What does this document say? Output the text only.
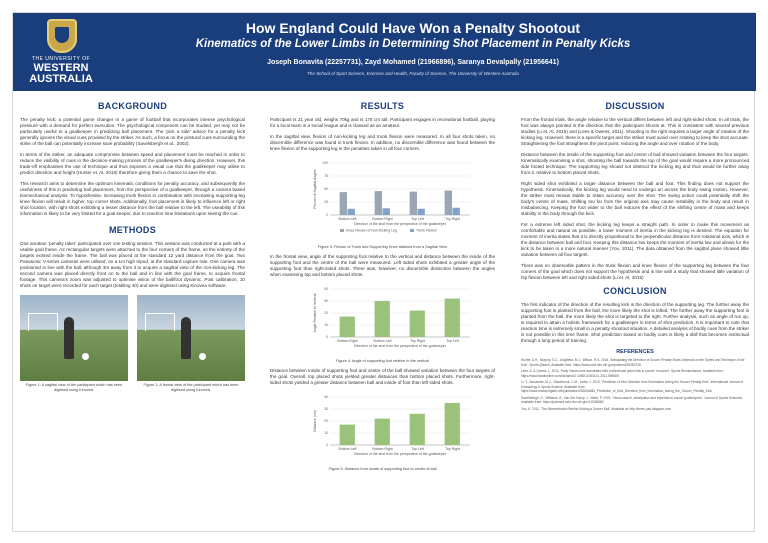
THE UNIVERSITY OF
WESTERN
AUSTRALIA
How England Could Have Won a Penalty Shootout
Kinematics of the Lower Limbs in Determining Shot Placement in Penalty Kicks
Joseph Bonavita (22257731), Zayd Mohamed (21966896), Saranya Devalpally (21956641)
The School of Sport Science, Exercise and Health, Faculty of Science, The University of Western Australia
BACKGROUND

The penalty kick; a potential game changer in a game of football that incorporates intense psychological pressure with a demand for perfect execution. The psychological component can be studied, yet may not be particularly useful to a goalkeeper in predicting ball placement. The 'pick a side' advice for a penalty kick generally ignores the visual cues provided by the striker. As such, a focus on the postural cues surrounding the strike of the ball can potentially increase save probability (Savelsbergh et al., 2002).

In terms of the striker, an adequate compromise between speed and placement must be reached in order to reduce the visibility of cues in the decision-making process of the goalkeeper's diving direction. However, this trade-off emphasises the use of technique and thus exposes a visual cue that the goalkeeper may utilise to predict direction and height (Hunter et. Al, 2018) therefore giving them a chance to save the shot.

This research aims to determine the optimum kinematic conditions for penalty accuracy, and subsequently the usefulness of this in predicting ball placement, from the perspective of a goalkeeper, through a camera based biomechanical analysis. To hypothesise, increasing trunk flexion in combination with increasing supporting-leg knee flexion will result in higher, top corner shots. Additionally, foot placement is likely to influence left or right shot location, with right shots exhibiting a lesser distance from the ball relative to the left. The useability of this information is likely to be very limited for a goal keeper, due to reaction time limitations upon seeing the cue.

METHODS

One amateur 'penalty taker' participated over one testing session. This session was conducted at a park with a usable goal frame. A2 rectangular targets were attached to the four corners of the frame, so the entirety of the targets existed inside the frame. The ball was placed at the standard 12 yard distance from the goal. Two Panasonic V-series cameras were utilised, on a 1m high tripod, at the standard capture rate. One camera was positioned in line with the ball, although 3m away from it to acquire a sagittal view of the non-kicking leg. The second camera was placed directly front on to the ball and in line with the goal frame, to acquire frontal footage. This camera's zoom was adjusted to optimise vision of the ball/foot dynamic. Post calibration, 10 shots on target were recorded for each target (totalling 40) and were digitised using Kinovea software.

Figure 1: A sagittal view of the participant which has been digitised using Kinovea.
Figure 2: A frontal view of the participant which has been digitised using Kinovea.
RESULTS

Participant is 21 year old, weighs 70kg and is 178 cm tall. Participant engages in recreational football, playing for a local team in a social league and is classed as an amateur.

In the sagittal view, flexion of non-kicking leg and trunk flexion were measured. In all four shots taken, no discernible difference was found in trunk flexion. In addition, no discernible difference was found between the knee flexion of the supporting leg in the penalties taken in all four corners.

0
25
50
75
100
Flexion of Sagittal Angles
Bottom Left	Bottom Right	Top Left	Top Right
Direction of the shot from the perspective of the goalkeeper
Knee Flexion of Non-Kicking Leg	Trunk Flexion
Figure 3: Flexion of Trunk and Supporting Knee attained from a Sagittal View

In the frontal view, angle of the supporting foot relative to the vertical and distance between the inside of the supporting foot and the centre of the ball were measured. Left sided shots exhibited a greater angle of the supporting foot than right-sided shots. There was, however, no discernible distinction between the angles when examining top and bottom placed shots.

0
10
20
30
40
Angle Relative to Vertical
Bottom Right	Bottom Left	Top Right	Top Left
Direction of the shot from the perspective of the goalkeeper
Figure 4: Angle of supporting foot relative to the vertical

Distance between inside of supporting foot and centre of the ball showed variation between the four targets of the goal. Overall, top placed shots yielded greater distances than bottom placed shots. Furthermore, right-sided shots yielded a greater distance between ball and inside of foot than left sided shots.

0
10
20
30
40
Distance (cm)
Bottom Left	Bottom Right	Top Left	Top Right
Direction of the shot from the perspective of the goalkeeper
Figure 5: Distance from inside of supporting foot to center of ball
DISCUSSION

From the frontal trials, the angle relative to the vertical differs between left and right-sided shots. In all trials, the foot was always pointed in the direction that the participant shoots at. This is consistent with several previous studies (Li et. Al, 2015) and (Lees & Owens, 2011). Shooting to the right requires a larger angle of rotation of the kicking leg. However, there is a specific target and the striker must avoid over rotating to keep the shot accurate. Straightening the foot straightens the pivot point, reducing the angle and over rotation of the body.

Distance between the inside of the supporting foot and centre of ball showed variation between the four targets. Kinematically examining a shot, shooting the ball towards the top of the goal would require a more pronounced side footed technique. The supporting leg should not obstruct the kicking leg and thus would be further away from it, relative to bottom placed shots.

Right sided shot exhibited a larger distance between the ball and foot. This finding does not support the hypothesis. Kinematically, the kicking leg would need to undergo an across the body swing motion. However, the striker must remain stable to retain accuracy over the shot. The swing action could potentially shift the body's centre of mass. Shifting too far from the original axis may cause instability in the body and result in misbalancing. Keeping the foot wider to the ball reduces the effect of the shifting centre of mass and keeps stability in the body through the kick.

For a extreme left sided shot, the kicking leg keeps a straight path. In order to make this movement as comfortable and natural as possible, a lower moment of inertia in the kicking leg is desired. The equation for moment of inertia states that it is directly proportional to the perpendicular distance from rotational axis, which is the distance between ball and foot. Keeping this distance low keeps the moment of inertia low and allows for the kick to be taken in a more natural manner (You, 2011). The data obtained from the sagittal plane showed little variation between all four targets.

There was no observable pattern in the trunk flexion and knee flexion of the supporting leg between the four corners of the goal which does not support the hypothesis and is line with a study that showed little variation of hip flexion between left and right sided shots (Li et. Al, 2015)

CONCLUSION

The first indicator of the direction of the resulting kick is the direction of the supporting leg. The further away the supporting foot is planted from the ball, the more likely the shot is lofted. The further away the supporting foot is planted from the ball, the more likely the shot is targeted to the right. Further analysis, such as angle of run up, is required to attain a holistic framework for a goalkeeper in terms of shot prediction. It is important to note that reaction time is extremely small in a penalty shootout situation. A detailed analysis of bodily cues from the striker is not possible in this time frame. Shot prediction based on bodily cues is likely a skill that becomes instinctual through a long period of training.

REFERENCES
Hunter, A.H., Murphy, S.C., Angilletta, M.J., Wilson, R.S. 2018, 'Anticipating the Direction of Soccer Penalty Shots Depends on the Speed and Technique of the Kick', Sports (Basel), Available from: https://www.ncbi.nlm.nih.gov/pubmed/30380728
Lees, A. & Owens, L. 2011, 'Early Visual cues associated with a directional place kick in soccer' in soccer', Sports Biomechanics, Available from: https://www.tandfonline.com/doi/abs/10.1080/14763141.2011.569565
Li, Y., Alexander, M.J., Glazebrook, C.M., Leiter, J. 2015, 'Prediction of Kick Direction from Kinematics during the Soccer Penalty Kick', International Journal of Kinesiology & Sports Science, Available from: https://www.researchgate.net/publication/281808483_Prediction_of_Kick_Direction_from_Kinematics_during_the_Soccer_Penalty_Kick
Savelsbergh, G., Williams, A., Van Der Kamp, J., Ward, P. 2002, 'Visual search, anticipation and expertise in soccer goalkeepers', Journal of Sports Sciences, Available from: https://pubmed.ncbi.nlm.nih.gov/11936586/
You, K. 2011, 'The Biomechanics Behind Kicking a Soccer Ball', Available at: http://kevin-yau.blogspot.com
